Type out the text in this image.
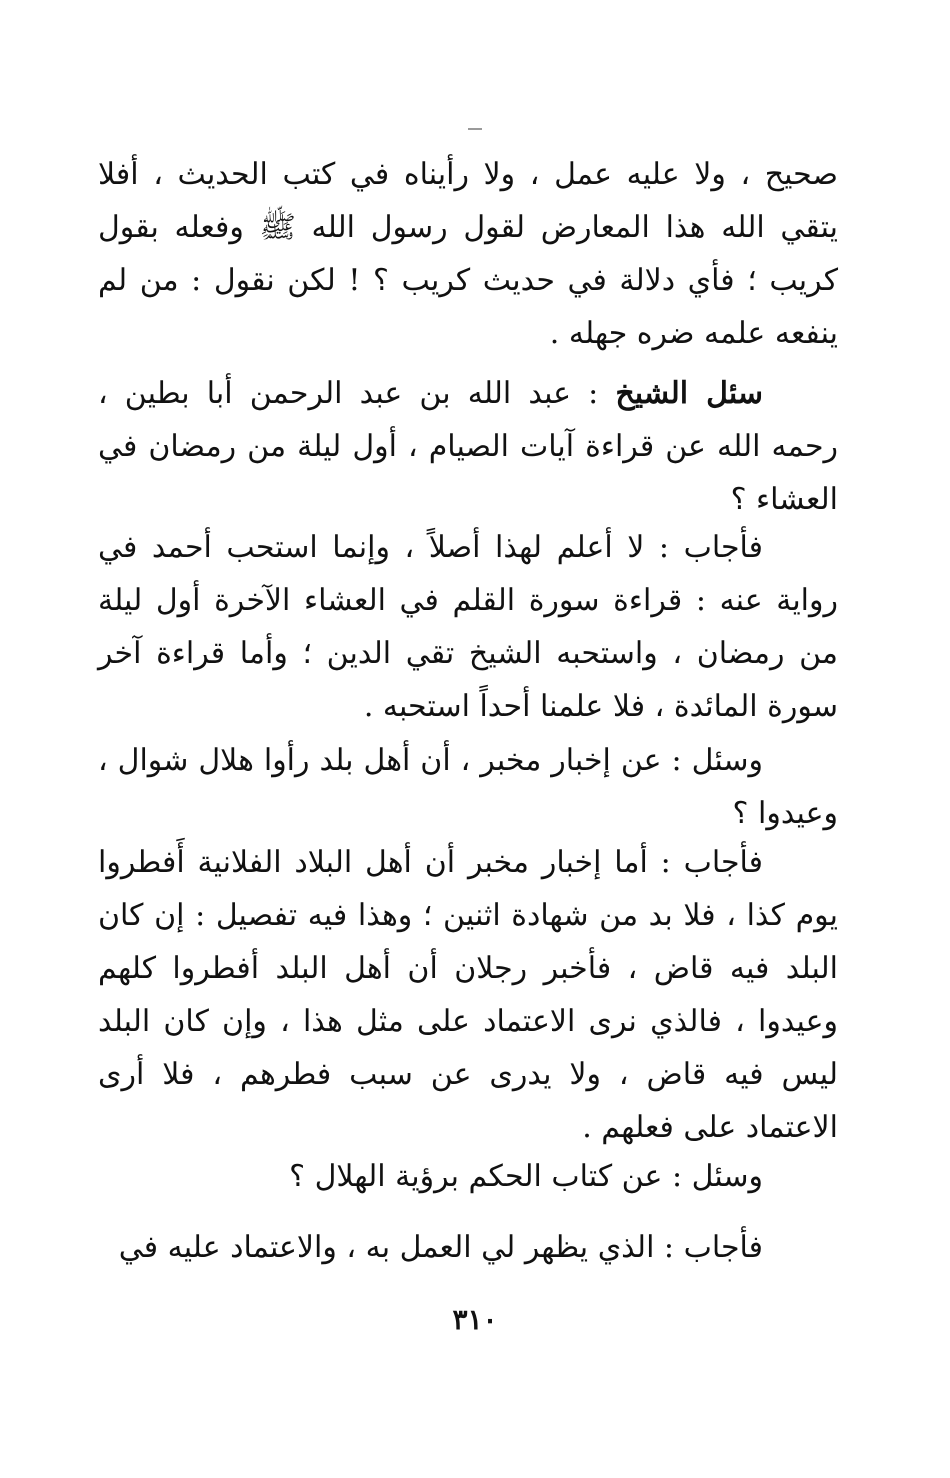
صحيح ، ولا عليه عمل ، ولا رأيناه في كتب الحديث ، أفلا يتقي الله هذا المعارض لقول رسول الله ﷺ وفعله بقول كريب ؛ فأي دلالة في حديث كريب ؟ ! لكن نقول : من لم ينفعه علمه ضره جهله .

سئل الشيخ : عبد الله بن عبد الرحمن أبا بطين ، رحمه الله عن قراءة آيات الصيام ، أول ليلة من رمضان في العشاء ؟

فأجاب : لا أعلم لهذا أصلاً ، وإنما استحب أحمد في رواية عنه : قراءة سورة القلم في العشاء الآخرة أول ليلة من رمضان ، واستحبه الشيخ تقي الدين ؛ وأما قراءة آخر سورة المائدة ، فلا علمنا أحداً استحبه .

وسئل : عن إخبار مخبر ، أن أهل بلد رأوا هلال شوال ، وعيدوا ؟

فأجاب : أما إخبار مخبر أن أهل البلاد الفلانية أَفطروا يوم كذا ، فلا بد من شهادة اثنين ؛ وهذا فيه تفصيل : إن كان البلد فيه قاض ، فأخبر رجلان أن أهل البلد أفطروا كلهم وعيدوا ، فالذي نرى الاعتماد على مثل هذا ، وإن كان البلد ليس فيه قاض ، ولا يدرى عن سبب فطرهم ، فلا أرى الاعتماد على فعلهم .

وسئل : عن كتاب الحكم برؤية الهلال ؟

فأجاب : الذي يظهر لي العمل به ، والاعتماد عليه في

٣١٠
